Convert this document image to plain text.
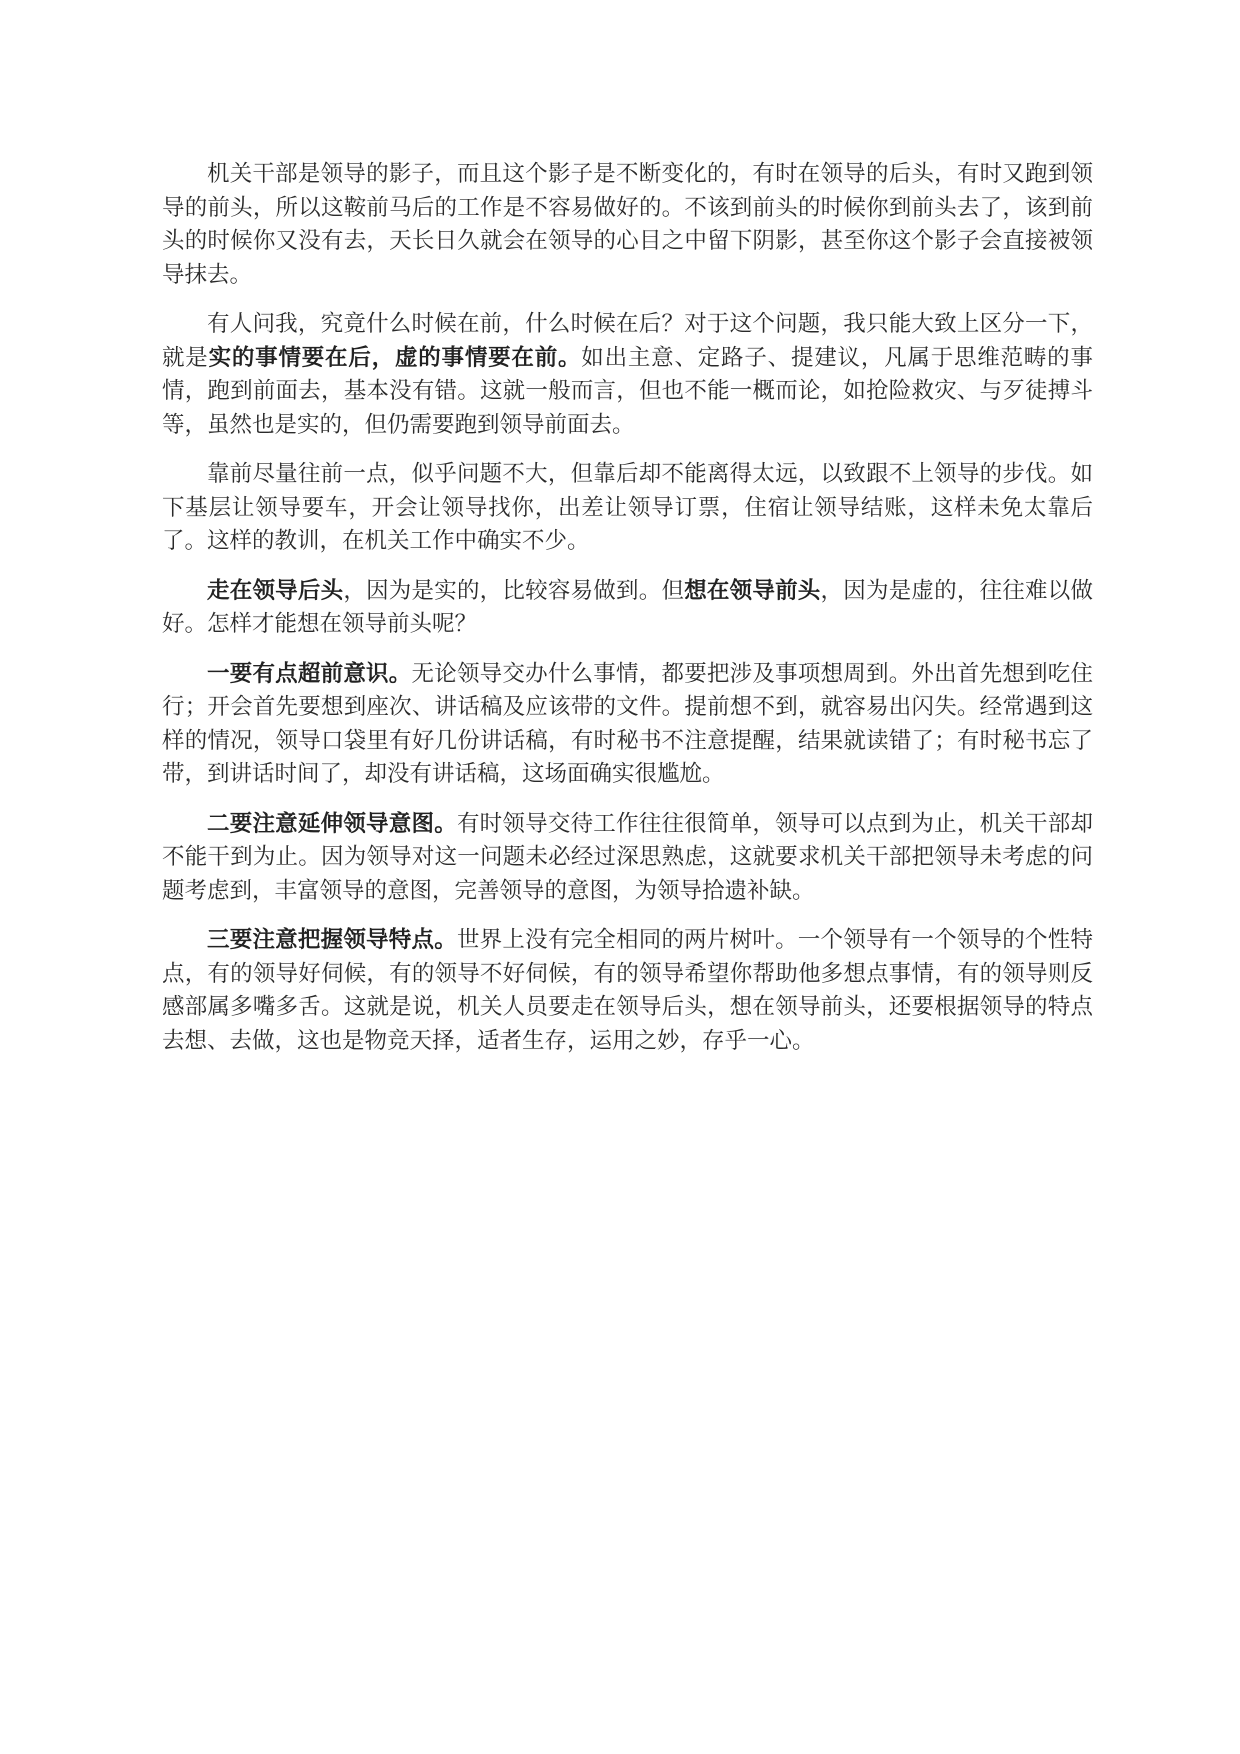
机关干部是领导的影子，而且这个影子是不断变化的，有时在领导的后头，有时又跑到领导的前头，所以这鞍前马后的工作是不容易做好的。不该到前头的时候你到前头去了，该到前头的时候你又没有去，天长日久就会在领导的心目之中留下阴影，甚至你这个影子会直接被领导抹去。

有人问我，究竟什么时候在前，什么时候在后？对于这个问题，我只能大致上区分一下，就是实的事情要在后，虚的事情要在前。如出主意、定路子、提建议，凡属于思维范畴的事情，跑到前面去，基本没有错。这就一般而言，但也不能一概而论，如抢险救灾、与歹徒搏斗等，虽然也是实的，但仍需要跑到领导前面去。

靠前尽量往前一点，似乎问题不大，但靠后却不能离得太远，以致跟不上领导的步伐。如下基层让领导要车，开会让领导找你，出差让领导订票，住宿让领导结账，这样未免太靠后了。这样的教训，在机关工作中确实不少。

走在领导后头，因为是实的，比较容易做到。但想在领导前头，因为是虚的，往往难以做好。怎样才能想在领导前头呢？

一要有点超前意识。无论领导交办什么事情，都要把涉及事项想周到。外出首先想到吃住行；开会首先要想到座次、讲话稿及应该带的文件。提前想不到，就容易出闪失。经常遇到这样的情况，领导口袋里有好几份讲话稿，有时秘书不注意提醒，结果就读错了；有时秘书忘了带，到讲话时间了，却没有讲话稿，这场面确实很尴尬。

二要注意延伸领导意图。有时领导交待工作往往很简单，领导可以点到为止，机关干部却不能干到为止。因为领导对这一问题未必经过深思熟虑，这就要求机关干部把领导未考虑的问题考虑到，丰富领导的意图，完善领导的意图，为领导拾遗补缺。

三要注意把握领导特点。世界上没有完全相同的两片树叶。一个领导有一个领导的个性特点，有的领导好伺候，有的领导不好伺候，有的领导希望你帮助他多想点事情，有的领导则反感部属多嘴多舌。这就是说，机关人员要走在领导后头，想在领导前头，还要根据领导的特点去想、去做，这也是物竞天择，适者生存，运用之妙，存乎一心。
